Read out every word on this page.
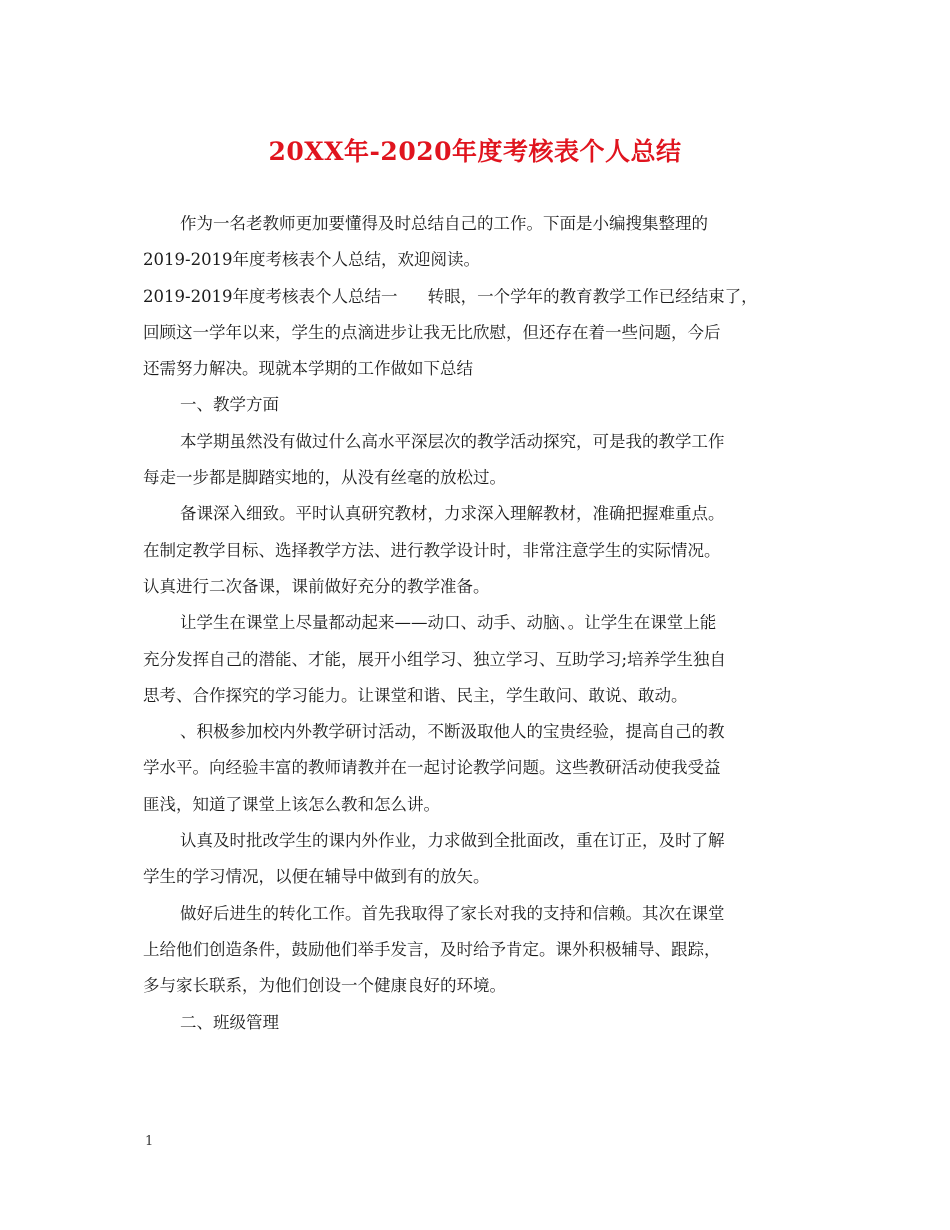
20XX年-2020年度考核表个人总结
作为一名老教师更加要懂得及时总结自己的工作。下面是小编搜集整理的
2019-2019年度考核表个人总结，欢迎阅读。
2019-2019年度考核表个人总结一 转眼，一个学年的教育教学工作已经结束了，
回顾这一学年以来，学生的点滴进步让我无比欣慰，但还存在着一些问题，今后
还需努力解决。现就本学期的工作做如下总结
一、教学方面
本学期虽然没有做过什么高水平深层次的教学活动探究，可是我的教学工作
每走一步都是脚踏实地的，从没有丝毫的放松过。
备课深入细致。平时认真研究教材，力求深入理解教材，准确把握难重点。
在制定教学目标、选择教学方法、进行教学设计时，非常注意学生的实际情况。
认真进行二次备课，课前做好充分的教学准备。
让学生在课堂上尽量都动起来——动口、动手、动脑、。让学生在课堂上能
充分发挥自己的潜能、才能，展开小组学习、独立学习、互助学习;培养学生独自
思考、合作探究的学习能力。让课堂和谐、民主，学生敢问、敢说、敢动。
、积极参加校内外教学研讨活动，不断汲取他人的宝贵经验，提高自己的教
学水平。向经验丰富的教师请教并在一起讨论教学问题。这些教研活动使我受益
匪浅，知道了课堂上该怎么教和怎么讲。
认真及时批改学生的课内外作业，力求做到全批面改，重在订正，及时了解
学生的学习情况，以便在辅导中做到有的放矢。
做好后进生的转化工作。首先我取得了家长对我的支持和信赖。其次在课堂
上给他们创造条件，鼓励他们举手发言，及时给予肯定。课外积极辅导、跟踪，
多与家长联系，为他们创设一个健康良好的环境。
二、班级管理
1
